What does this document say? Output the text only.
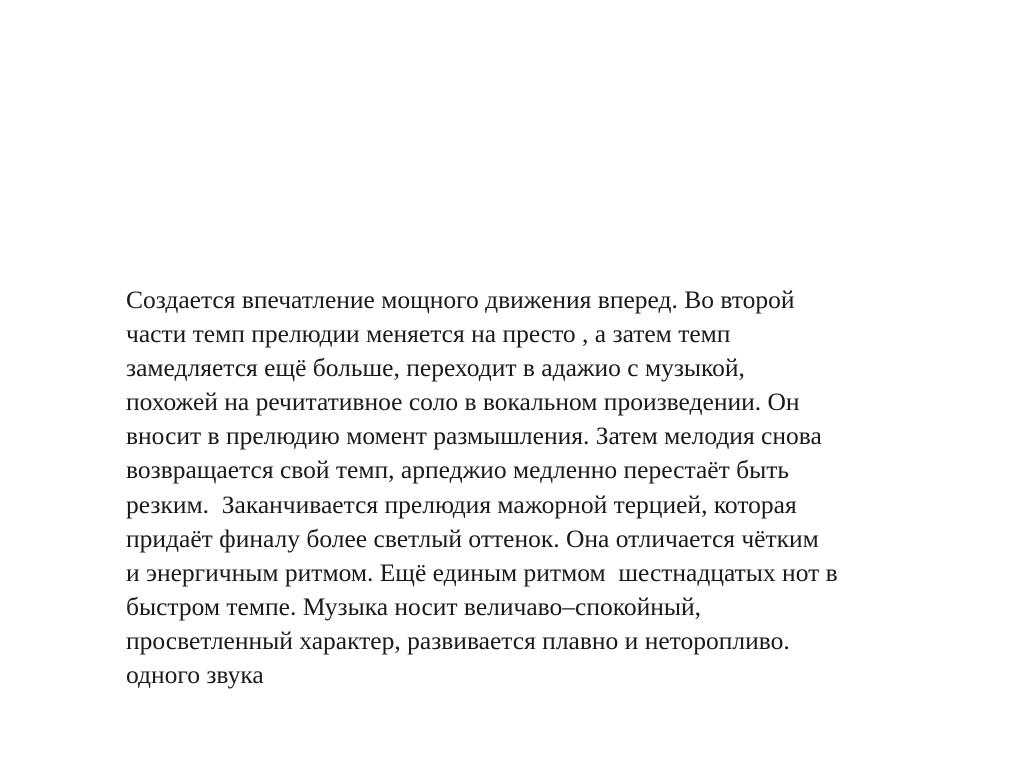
Создается впечатление мощного движения вперед. Во второй
части темп прелюдии меняется на престо , а затем темп
замедляется ещё больше, переходит в адажио с музыкой,
похожей на речитативное соло в вокальном произведении. Он
вносит в прелюдию момент размышления. Затем мелодия снова
возвращается свой темп, арпеджио медленно перестаёт быть
резким.  Заканчивается прелюдия мажорной терцией, которая
придаёт финалу более светлый оттенок. Она отличается чётким
и энергичным ритмом. Ещё единым ритмом  шестнадцатых нот в
быстром темпе. Музыка носит величаво–спокойный,
просветленный характер, развивается плавно и неторопливо.
одного звука
